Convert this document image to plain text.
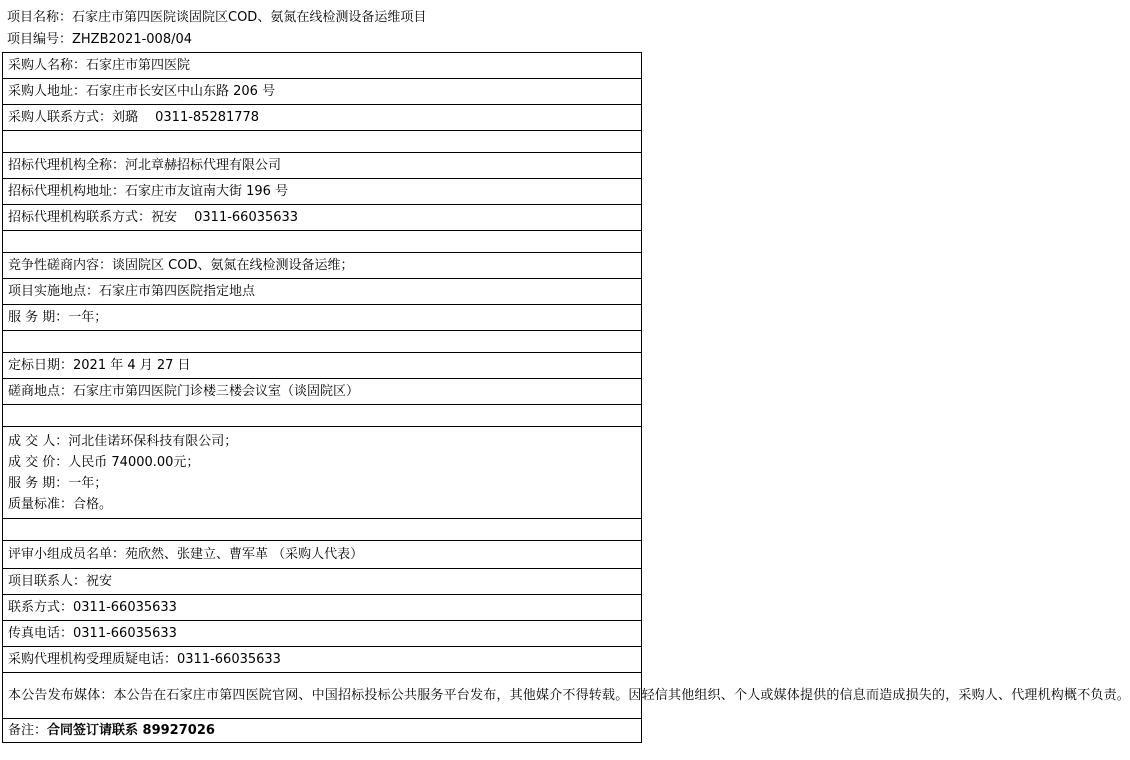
项目名称：石家庄市第四医院谈固院区COD、氨氮在线检测设备运维项目
项目编号：ZHZB2021-008/04
采购人名称：石家庄市第四医院
采购人地址：石家庄市长安区中山东路 206 号
采购人联系方式：刘璐　 0311-85281778

招标代理机构全称：河北章赫招标代理有限公司
招标代理机构地址：石家庄市友谊南大街 196 号
招标代理机构联系方式：祝安　 0311-66035633

竞争性磋商内容：谈固院区 COD、氨氮在线检测设备运维；
项目实施地点：石家庄市第四医院指定地点
服 务 期：一年；

定标日期：2021 年 4 月 27 日
磋商地点：石家庄市第四医院门诊楼三楼会议室（谈固院区）

成 交 人：河北佳诺环保科技有限公司；
成 交 价：人民币 74000.00元；
服 务 期：一年；
质量标准：合格。

评审小组成员名单：苑欣然、张建立、曹军革 （采购人代表）
项目联系人：祝安
联系方式：0311-66035633
传真电话：0311-66035633
采购代理机构受理质疑电话：0311-66035633
本公告发布媒体：本公告在石家庄市第四医院官网、中国招标投标公共服务平台发布，其他媒介不得转载。因轻信其他组织、个人或媒体提供的信息而造成损失的，采购人、代理机构概不负责。
备注：合同签订请联系 89927026
